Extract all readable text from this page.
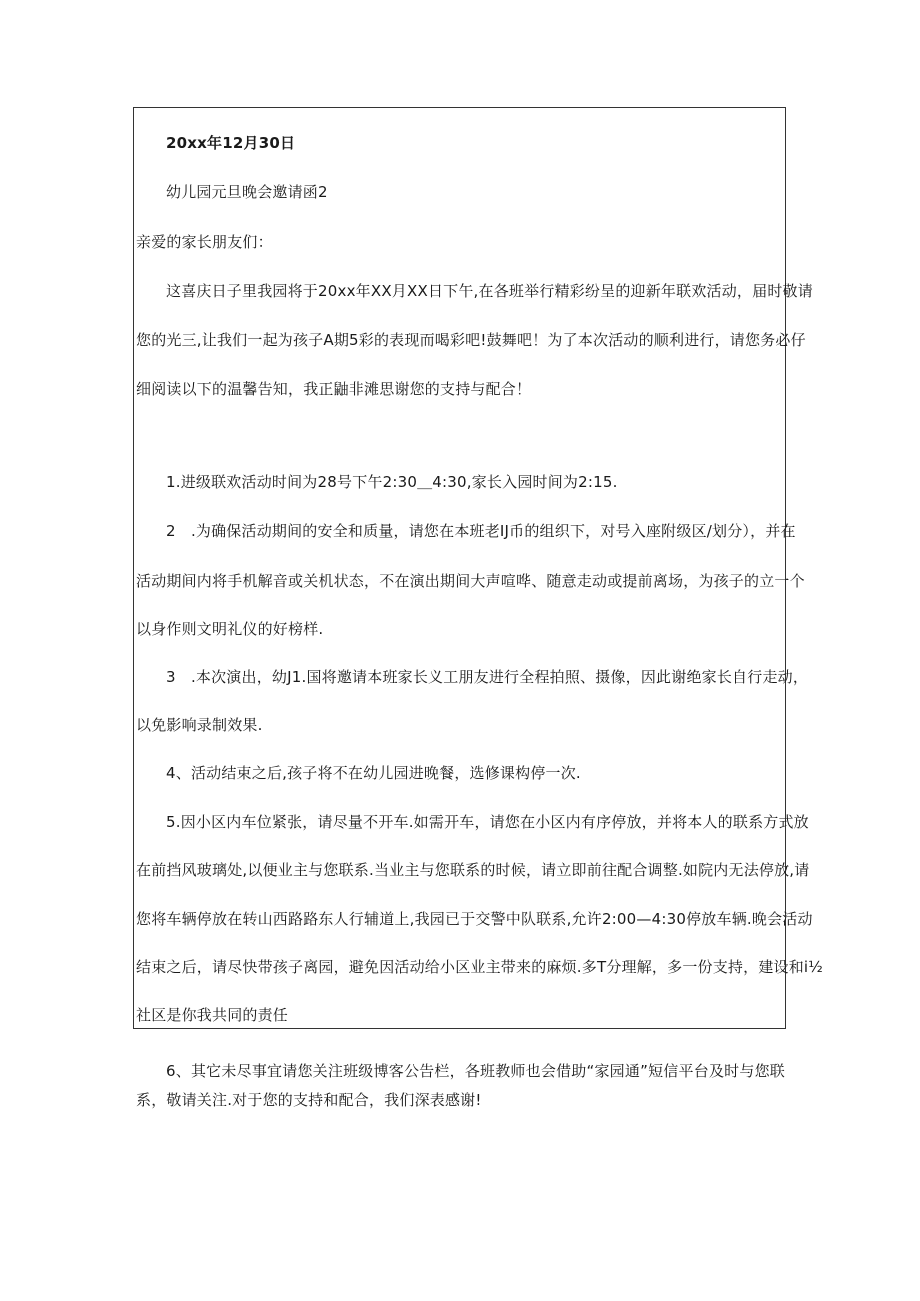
20xx年12月30日
幼儿园元旦晚会邀请函2
亲爱的家长朋友们：
这喜庆日子里我园将于20xx年XX月XX日下午,在各班举行精彩纷呈的迎新年联欢活动，届时敬请
您的光三,让我们一起为孩子A期5彩的表现而喝彩吧!鼓舞吧！为了本次活动的顺利进行，请您务必仔
细阅读以下的温馨告知，我正鼬非滩思谢您的支持与配合！
1.进级联欢活动时间为28号下午2:30＿4:30,家长入园时间为2:15.
2　.为确保活动期间的安全和质量，请您在本班老IJ币的组织下，对号入座附级区/划分），并在
活动期间内将手机解音或关机状态，不在演出期间大声喧哗、随意走动或提前离场，为孩子的立一个
以身作则文明礼仪的好榜样.
3　.本次演出，幼J1.国将邀请本班家长义工朋友进行全程拍照、摄像，因此谢绝家长自行走动，
以免影响录制效果.
4、活动结束之后,孩子将不在幼儿园进晚餐，选修课构停一次.
5.因小区内车位紧张，请尽量不开车.如需开车，请您在小区内有序停放，并将本人的联系方式放
在前挡风玻璃处,以便业主与您联系.当业主与您联系的时候，请立即前往配合调整.如院内无法停放,请
您将车辆停放在转山西路路东人行辅道上,我园已于交警中队联系,允许2:00—4:30停放车辆.晚会活动
结束之后，请尽快带孩子离园，避免因活动给小区业主带来的麻烦.多T分理解，多一份支持，建设和i½
社区是你我共同的责任
6、其它未尽事宜请您关注班级博客公告栏，各班教师也会借助“家园通”短信平台及时与您联
系，敬请关注.对于您的支持和配合，我们深表感谢!
